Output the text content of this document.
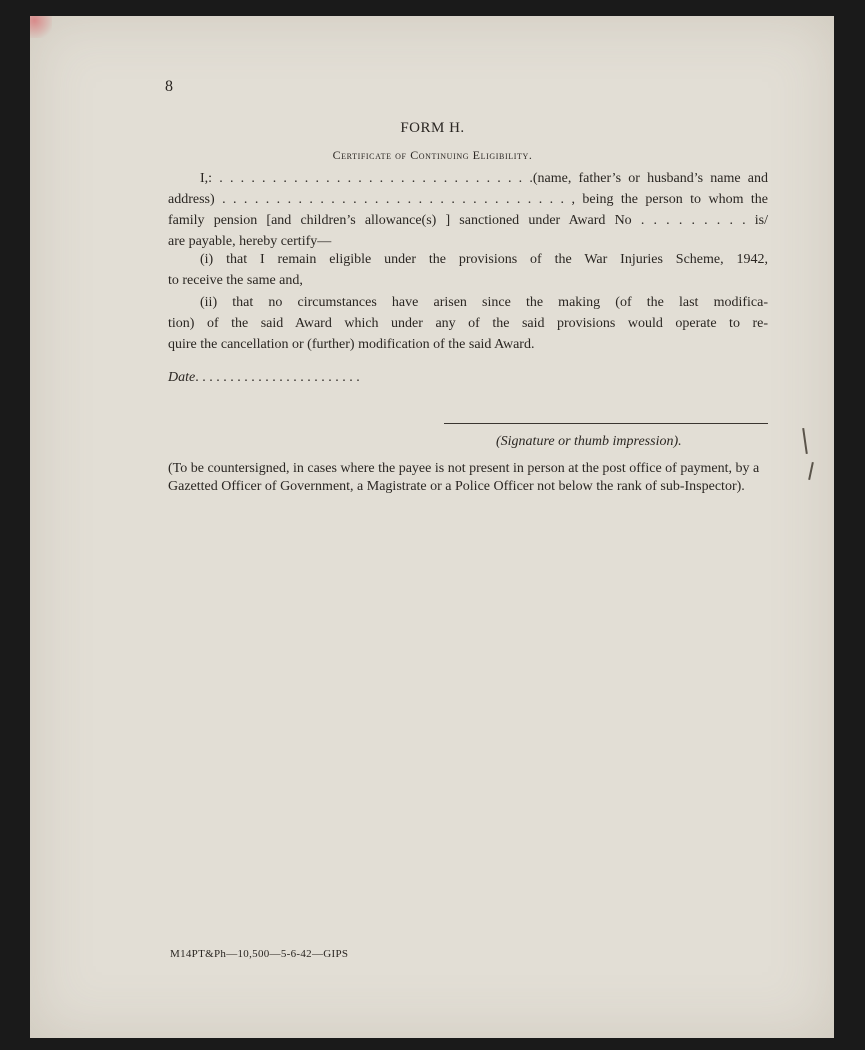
8
FORM H.
Certificate of Continuing Eligibility.
I,: . . . . . . . . . . . . . . . . . . . . . . . . . . . . . .(name, father’s or husband’s name and
address) . . . . . . . . . . . . . . . . . . . . . . . . . . . . . . . . , being the person to whom the
family pension [and children’s allowance(s) ] sanctioned under Award No . . . . . . . . . is/
are payable, hereby certify—
(i) that I remain eligible under the provisions of the War Injuries Scheme, 1942,
to receive the same and,
(ii) that no circumstances have arisen since the making (of the last modifica-
tion) of the said Award which under any of the said provisions would operate to re-
quire the cancellation or (further) modification of the said Award.
Date. . . . . . . . . . . . . . . . . . . . . . . .
(Signature or thumb impression).
(To be countersigned, in cases where the payee is not present in person at the post office of payment, by a Gazetted Officer of Government, a Magistrate or a Police Officer not below the rank of sub-Inspector).
M14PT&Ph—10,500—5-6-42—GIPS
